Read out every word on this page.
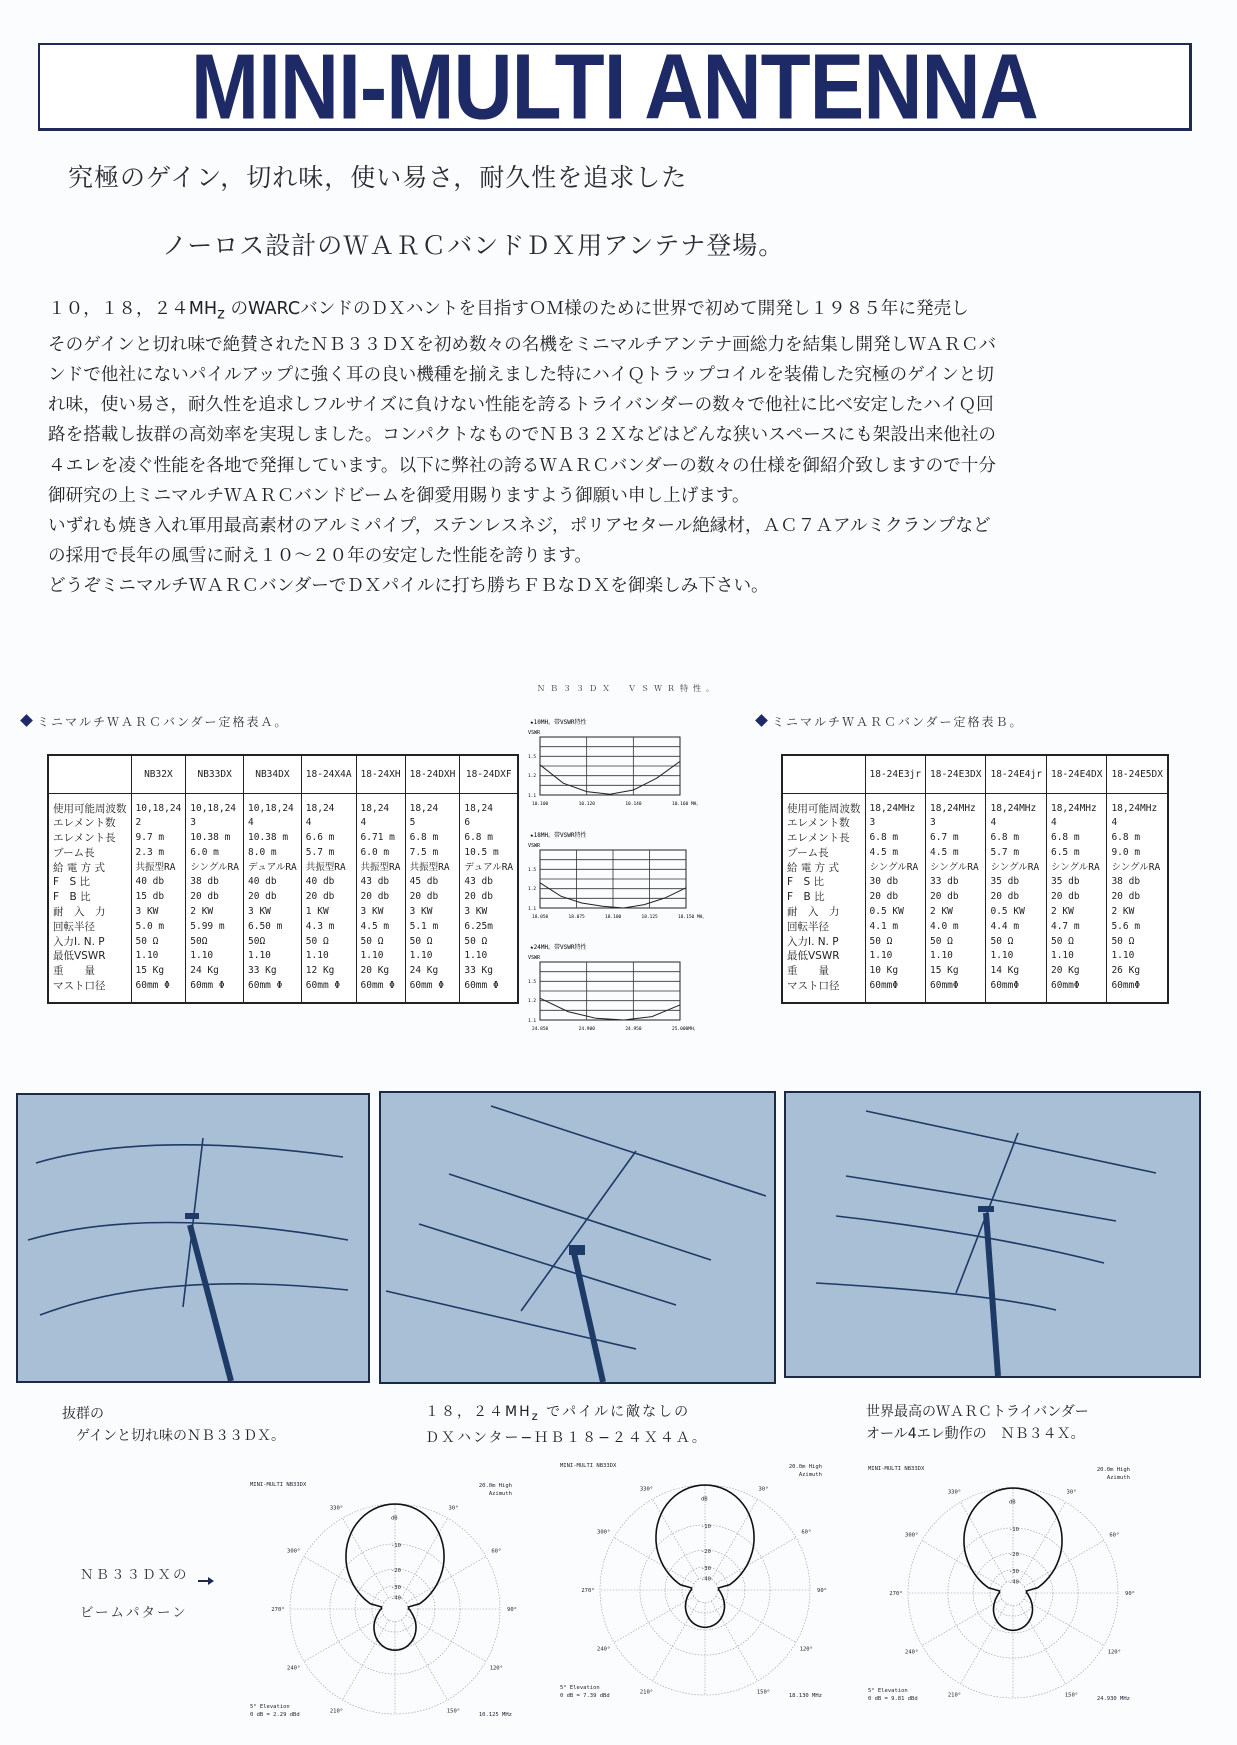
MINI-MULTI ANTENNA
究極のゲイン，切れ味，使い易さ，耐久性を追求した
ノーロス設計のＷＡＲＣバンドＤＸ用アンテナ登場。
１０，１８，$24MH_z$ のWARCバンドのＤＸハントを目指すＯＭ様のために世界で初めて開発し１９８５年に発売し
そのゲインと切れ味で絶賛されたＮＢ３３ＤＸを初め数々の名機をミニマルチアンテナ画総力を結集し開発しＷＡＲＣバ
ンドで他社にないパイルアップに強く耳の良い機種を揃えました特にハイＱトラップコイルを装備した究極のゲインと切
れ味，使い易さ，耐久性を追求しフルサイズに負けない性能を誇るトライバンダーの数々で他社に比べ安定したハイＱ回
路を搭載し抜群の高効率を実現しました。コンパクトなものでＮＢ３２Ｘなどはどんな狭いスペースにも架設出来他社の
４エレを凌ぐ性能を各地で発揮しています。以下に弊社の誇るＷＡＲＣバンダーの数々の仕様を御紹介致しますので十分
御研究の上ミニマルチＷＡＲＣバンドビームを御愛用賜りますよう御願い申し上げます。
いずれも焼き入れ軍用最高素材のアルミパイプ，ステンレスネジ，ポリアセタール絶縁材，ＡＣ７Ａアルミクランプなど
の採用で長年の風雪に耐え１０～２０年の安定した性能を誇ります。
どうぞミニマルチＷＡＲＣバンダーでＤＸパイルに打ち勝ちＦＢなＤＸを御楽しみ下さい。
ミニマルチＷＡＲＣバンダー定格表Ａ。
	NB32X	NB33DX	NB34DX	18-24X4A	18-24XH	18-24DXH	18-24DXF
使用可能周波数	10,18,24	10,18,24	10,18,24	18,24	18,24	18,24	18,24
エレメント数	2	3	4	4	4	5	6
エレメント長	9.7 m	10.38 m	10.38 m	6.6 m	6.71 m	6.8 m	6.8 m
ブーム長	2.3 m	6.0 m	8.0 m	5.7 m	6.0 m	7.5 m	10.5 m
給 電 方 式	共振型RA	シングルRA	デュアルRA	共振型RA	共振型RA	共振型RA	デュアルRA
F　S 比	40 db	38 db	40 db	40 db	43 db	45 db	43 db
F　B 比	15 db	20 db	20 db	20 db	20 db	20 db	20 db
耐　入　力	3 KW	2 KW	3 KW	1 KW	3 KW	3 KW	3 KW
回転半径	5.0 m	5.99 m	6.50 m	4.3 m	4.5 m	5.1 m	6.25m
入力I. N. P	50 Ω	50Ω	50Ω	50 Ω	50 Ω	50 Ω	50 Ω
最低VSWR	1.10	1.10	1.10	1.10	1.10	1.10	1.10
重　　量	15 Kg	24 Kg	33 Kg	12 Kg	20 Kg	24 Kg	33 Kg
マスト口径	60mm Φ	60mm Φ	60mm Φ	60mm Φ	60mm Φ	60mm Φ	60mm Φ
ＮＢ３３ＤＸ　ＶＳＷＲ特性。
★10MH。帯VSWR特性
VSWR
10.100	10.120	10.140	10.160 MH。
1.5
1.2
1.1
★18MH。帯VSWR特性
VSWR
18.050	18.075	18.100	18.125	18.150 MH。
1.5
1.2
1.1
★24MH。帯VSWR特性
VSWR
24.850	24.900	24.950	25.000MH。
1.5
1.2
1.1
ミニマルチＷＡＲＣバンダー定格表Ｂ。
	18-24E3jr	18-24E3DX	18-24E4jr	18-24E4DX	18-24E5DX
使用可能周波数	18,24MHz	18,24MHz	18,24MHz	18,24MHz	18,24MHz
エレメント数	3	3	4	4	4
エレメント長	6.8 m	6.7 m	6.8 m	6.8 m	6.8 m
ブーム長	4.5 m	4.5 m	5.7 m	6.5 m	9.0 m
給 電 方 式	シングルRA	シングルRA	シングルRA	シングルRA	シングルRA
F　S 比	30 db	33 db	35 db	35 db	38 db
F　B 比	20 db	20 db	20 db	20 db	20 db
耐　入　力	0.5 KW	2 KW	0.5 KW	2 KW	2 KW
回転半径	4.1 m	4.0 m	4.4 m	4.7 m	5.6 m
入力I. N. P	50 Ω	50 Ω	50 Ω	50 Ω	50 Ω
最低VSWR	1.10	1.10	1.10	1.10	1.10
重　　量	10 Kg	15 Kg	14 Kg	20 Kg	26 Kg
マスト口径	60mmΦ	60mmΦ	60mmΦ	60mmΦ	60mmΦ
抜群の
ゲインと切れ味のＮＢ３３ＤＸ。
１８，$24MH_z$ でパイルに敵なしの
ＤＸハンター−ＨＢ１８−２４Ｘ４Ａ。
世界最高のＷＡＲＣトライバンダー
オール4エレ動作の　ＮＢ３４Ｘ。
ＮＢ３３ＤＸの
ビームパターン
MINI-MULTI NB33DX	20.0m High
Azimuth
dB
-10
-20
-30
-40
330°	30°
300°	60°
270°	90°
240°	120°
210°	150°
5° Elevation
0 dB = 2.29 dBd	10.125 MHz
MINI-MULTI NB33DX	20.0m High
Azimuth
dB
-10
-20
-30
-40
330°	30°
300°	60°
270°	90°
240°	120°
210°	150°
5° Elevation
0 dB = 7.39 dBd	18.130 MHz
MINI-MULTI NB33DX	20.0m High
Azimuth
dB
-10
-20
-30
-40
330°	30°
300°	60°
270°	90°
240°	120°
210°	150°
5° Elevation
0 dB = 9.81 dBd	24.930 MHz
